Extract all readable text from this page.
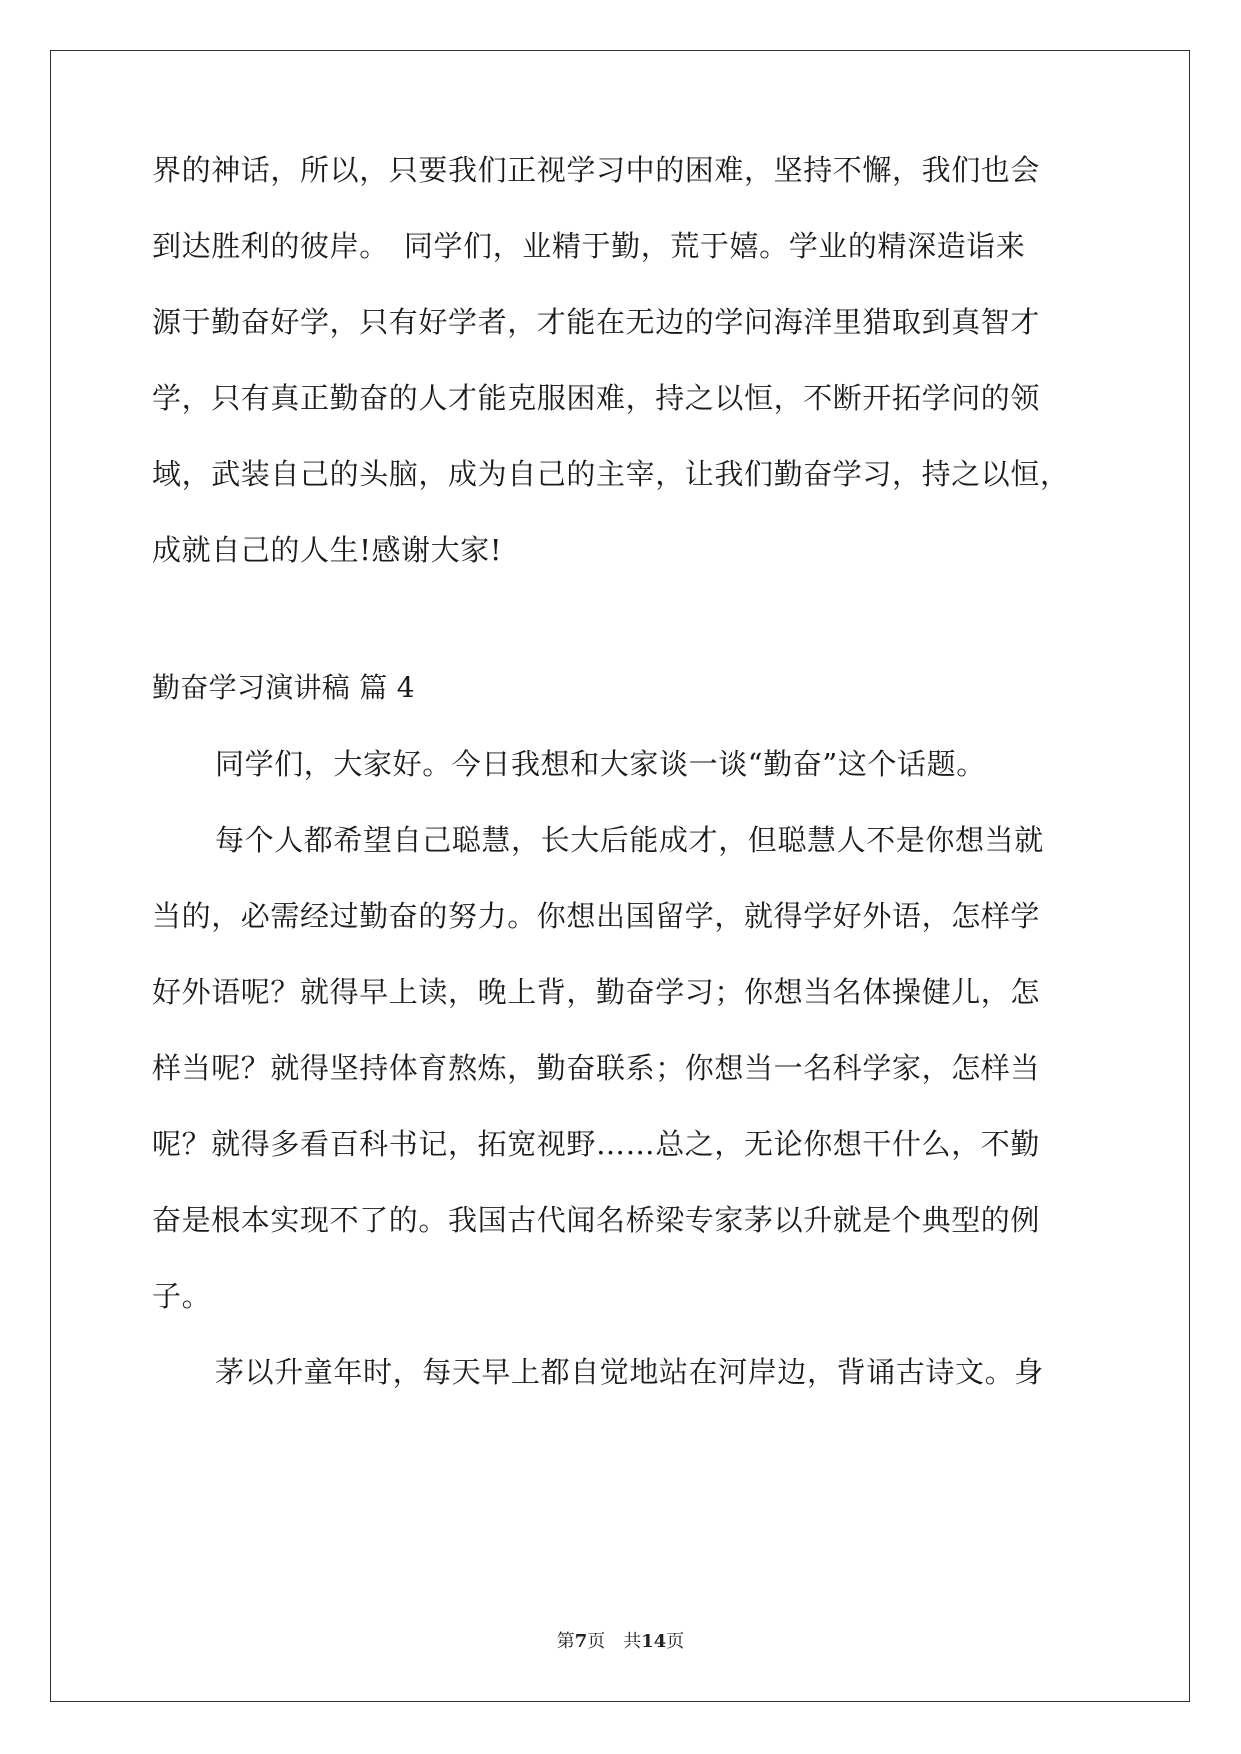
界的神话，所以，只要我们正视学习中的困难，坚持不懈，我们也会
到达胜利的彼岸。　同学们，业精于勤，荒于嬉。学业的精深造诣来
源于勤奋好学，只有好学者，才能在无边的学问海洋里猎取到真智才
学，只有真正勤奋的人才能克服困难，持之以恒，不断开拓学问的领
域，武装自己的头脑，成为自己的主宰，让我们勤奋学习，持之以恒，
成就自己的人生!感谢大家!
勤奋学习演讲稿 篇 4
同学们，大家好。今日我想和大家谈一谈“勤奋”这个话题。
每个人都希望自己聪慧，长大后能成才，但聪慧人不是你想当就
当的，必需经过勤奋的努力。你想出国留学，就得学好外语，怎样学
好外语呢？就得早上读，晚上背，勤奋学习；你想当名体操健儿，怎
样当呢？就得坚持体育熬炼，勤奋联系；你想当一名科学家，怎样当
呢？就得多看百科书记，拓宽视野……总之，无论你想干什么，不勤
奋是根本实现不了的。我国古代闻名桥梁专家茅以升就是个典型的例
子。
茅以升童年时，每天早上都自觉地站在河岸边，背诵古诗文。身
第7页　 共14页
